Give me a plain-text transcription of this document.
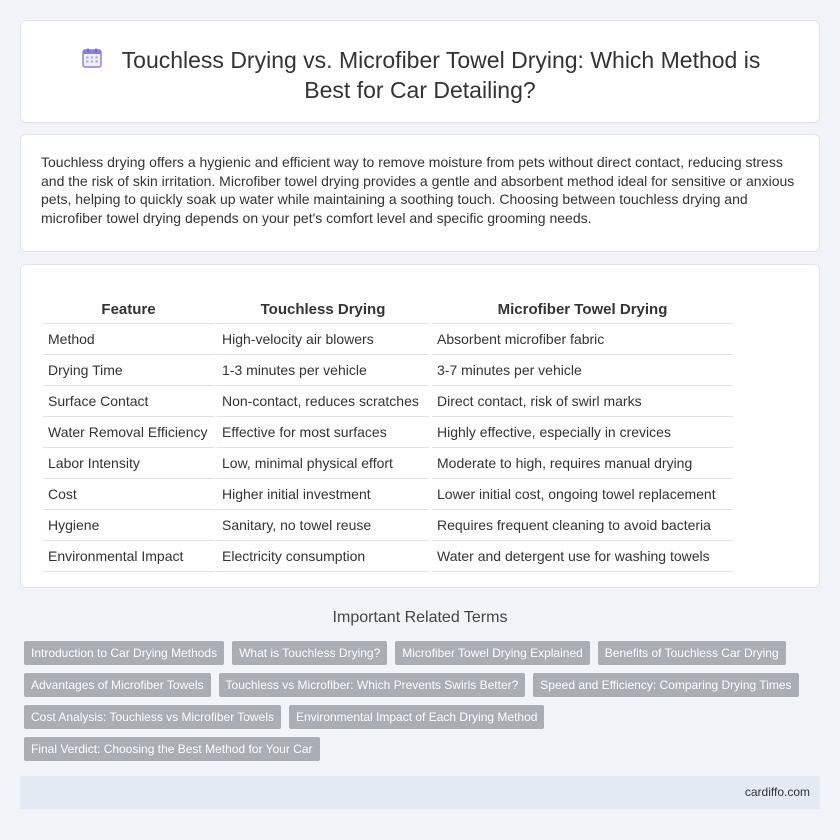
Touchless Drying vs. Microfiber Towel Drying: Which Method is Best for Car Detailing?

Touchless drying offers a hygienic and efficient way to remove moisture from pets without direct contact, reducing stress and the risk of skin irritation. Microfiber towel drying provides a gentle and absorbent method ideal for sensitive or anxious pets, helping to quickly soak up water while maintaining a soothing touch. Choosing between touchless drying and microfiber towel drying depends on your pet's comfort level and specific grooming needs.

Feature		Touchless Drying		Microfiber Towel Drying
Method		High-velocity air blowers		Absorbent microfiber fabric
Drying Time		1-3 minutes per vehicle		3-7 minutes per vehicle
Surface Contact		Non-contact, reduces scratches		Direct contact, risk of swirl marks
Water Removal Efficiency		Effective for most surfaces		Highly effective, especially in crevices
Labor Intensity		Low, minimal physical effort		Moderate to high, requires manual drying
Cost		Higher initial investment		Lower initial cost, ongoing towel replacement
Hygiene		Sanitary, no towel reuse		Requires frequent cleaning to avoid bacteria
Environmental Impact		Electricity consumption		Water and detergent use for washing towels
Important Related Terms
Introduction to Car Drying Methods	What is Touchless Drying?	Microfiber Towel Drying Explained	Benefits of Touchless Car Drying
Advantages of Microfiber Towels	Touchless vs Microfiber: Which Prevents Swirls Better?	Speed and Efficiency: Comparing Drying Times
Cost Analysis: Touchless vs Microfiber Towels	Environmental Impact of Each Drying Method
Final Verdict: Choosing the Best Method for Your Car
cardiffo.com
